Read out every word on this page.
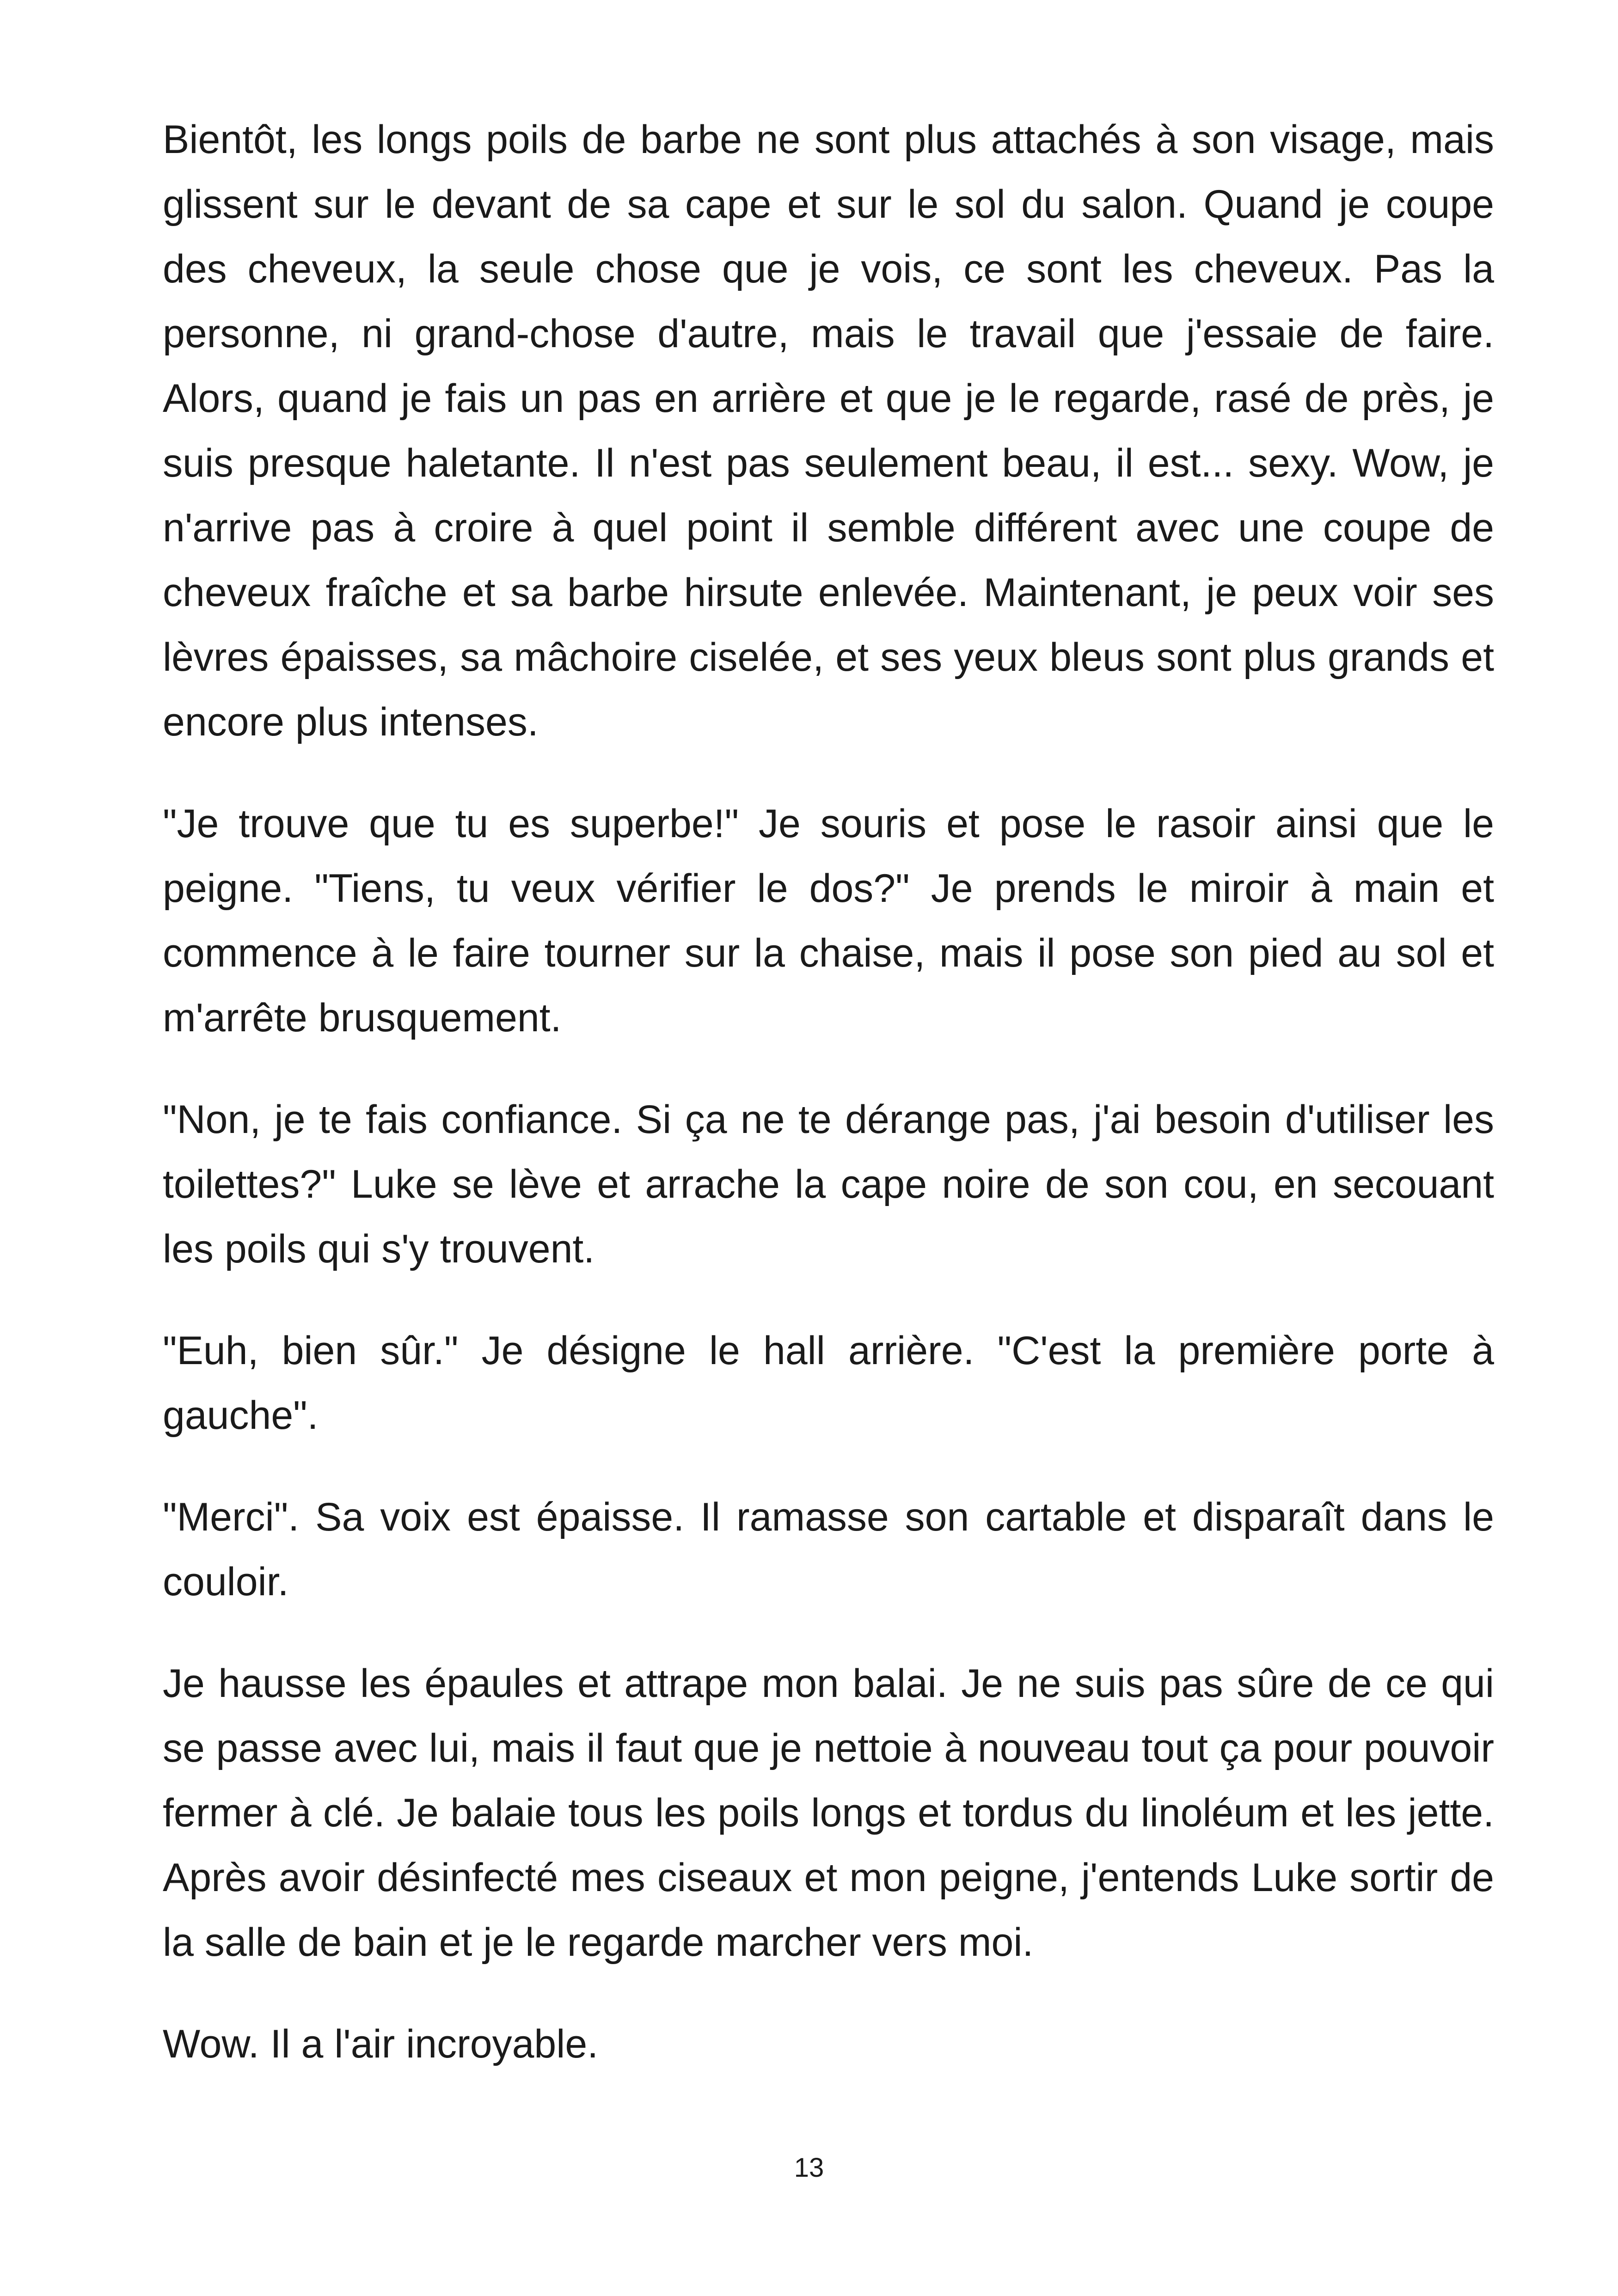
Bientôt, les longs poils de barbe ne sont plus attachés à son visage, mais glissent sur le devant de sa cape et sur le sol du salon. Quand je coupe des cheveux, la seule chose que je vois, ce sont les cheveux. Pas la personne, ni grand-chose d'autre, mais le travail que j'essaie de faire. Alors, quand je fais un pas en arrière et que je le regarde, rasé de près, je suis presque haletante. Il n'est pas seulement beau, il est... sexy. Wow, je n'arrive pas à croire à quel point il semble différent avec une coupe de cheveux fraîche et sa barbe hirsute enlevée. Maintenant, je peux voir ses lèvres épaisses, sa mâchoire ciselée, et ses yeux bleus sont plus grands et encore plus intenses.

"Je trouve que tu es superbe!" Je souris et pose le rasoir ainsi que le peigne. "Tiens, tu veux vérifier le dos?" Je prends le miroir à main et commence à le faire tourner sur la chaise, mais il pose son pied au sol et m'arrête brusquement.

"Non, je te fais confiance. Si ça ne te dérange pas, j'ai besoin d'utiliser les toilettes?" Luke se lève et arrache la cape noire de son cou, en secouant les poils qui s'y trouvent.

"Euh, bien sûr." Je désigne le hall arrière. "C'est la première porte à gauche".

"Merci". Sa voix est épaisse. Il ramasse son cartable et disparaît dans le couloir.

Je hausse les épaules et attrape mon balai. Je ne suis pas sûre de ce qui se passe avec lui, mais il faut que je nettoie à nouveau tout ça pour pouvoir fermer à clé. Je balaie tous les poils longs et tordus du linoléum et les jette. Après avoir désinfecté mes ciseaux et mon peigne, j'entends Luke sortir de la salle de bain et je le regarde marcher vers moi.

Wow. Il a l'air incroyable.

13
